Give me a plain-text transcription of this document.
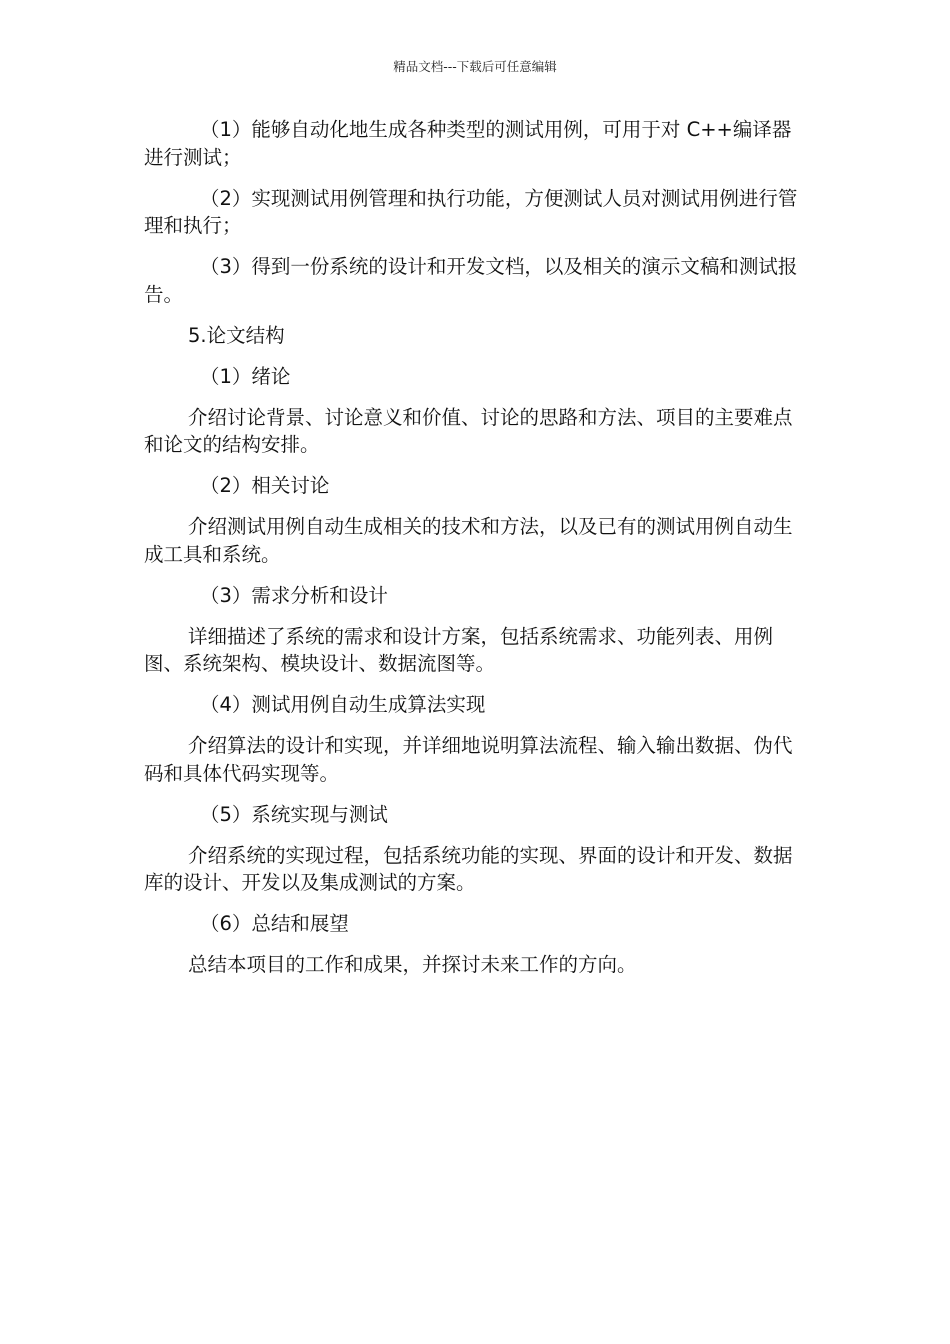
精品文档---下载后可任意编辑

（1）能够自动化地生成各种类型的测试用例，可用于对 C++编译器进行测试；

（2）实现测试用例管理和执行功能，方便测试人员对测试用例进行管理和执行；

（3）得到一份系统的设计和开发文档，以及相关的演示文稿和测试报告。

5.论文结构

（1）绪论

介绍讨论背景、讨论意义和价值、讨论的思路和方法、项目的主要难点和论文的结构安排。

（2）相关讨论

介绍测试用例自动生成相关的技术和方法，以及已有的测试用例自动生成工具和系统。

（3）需求分析和设计

详细描述了系统的需求和设计方案，包括系统需求、功能列表、用例图、系统架构、模块设计、数据流图等。

（4）测试用例自动生成算法实现

介绍算法的设计和实现，并详细地说明算法流程、输入输出数据、伪代码和具体代码实现等。

（5）系统实现与测试

介绍系统的实现过程，包括系统功能的实现、界面的设计和开发、数据库的设计、开发以及集成测试的方案。

（6）总结和展望

总结本项目的工作和成果，并探讨未来工作的方向。
